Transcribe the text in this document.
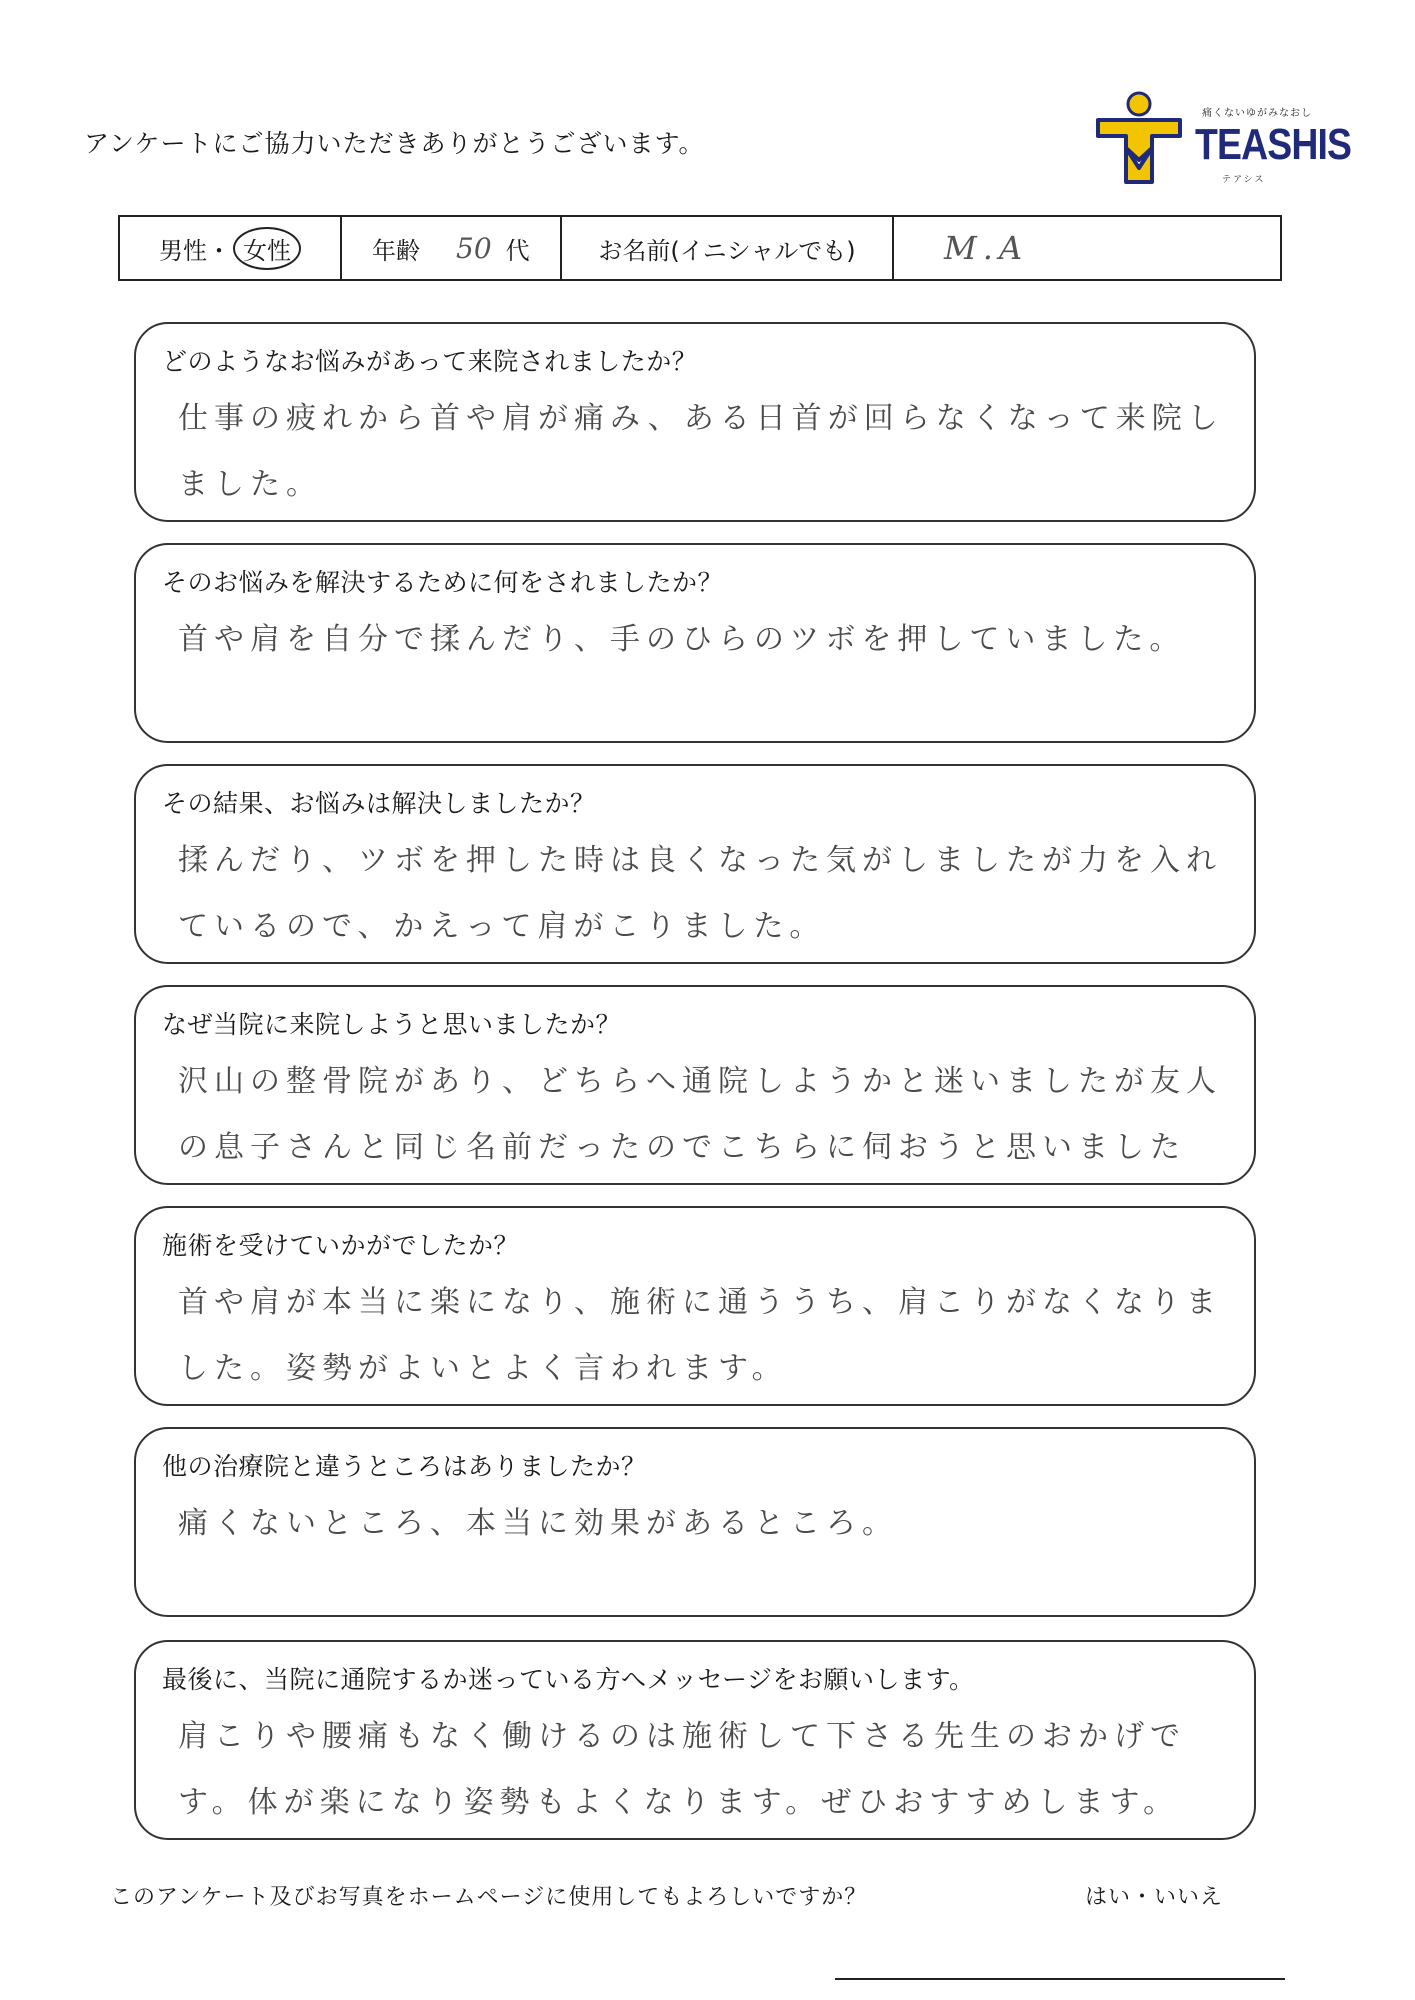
アンケートにご協力いただきありがとうございます。
痛くないゆがみなおし
TEASHIS
テアシス
男性 ・ 女性	年齢 50 代	お名前(イニシャルでも)	M.A
どのようなお悩みがあって来院されましたか？
仕事の疲れから首や肩が痛み、ある日首が回らなくなって来院しました。
そのお悩みを解決するために何をされましたか？
首や肩を自分で揉んだり、手のひらのツボを押していました。
その結果、お悩みは解決しましたか？
揉んだり、ツボを押した時は良くなった気がしましたが力を入れているので、かえって肩がこりました。
なぜ当院に来院しようと思いましたか？
沢山の整骨院があり、どちらへ通院しようかと迷いましたが友人の息子さんと同じ名前だったのでこちらに伺おうと思いました
施術を受けていかがでしたか？
首や肩が本当に楽になり、施術に通ううち、肩こりがなくなりました。姿勢がよいとよく言われます。
他の治療院と違うところはありましたか？
痛くないところ、本当に効果があるところ。
最後に、当院に通院するか迷っている方へメッセージをお願いします。
肩こりや腰痛もなく働けるのは施術して下さる先生のおかげです。体が楽になり姿勢もよくなります。ぜひおすすめします。
このアンケート及びお写真をホームページに使用してもよろしいですか？	はい・いいえ
